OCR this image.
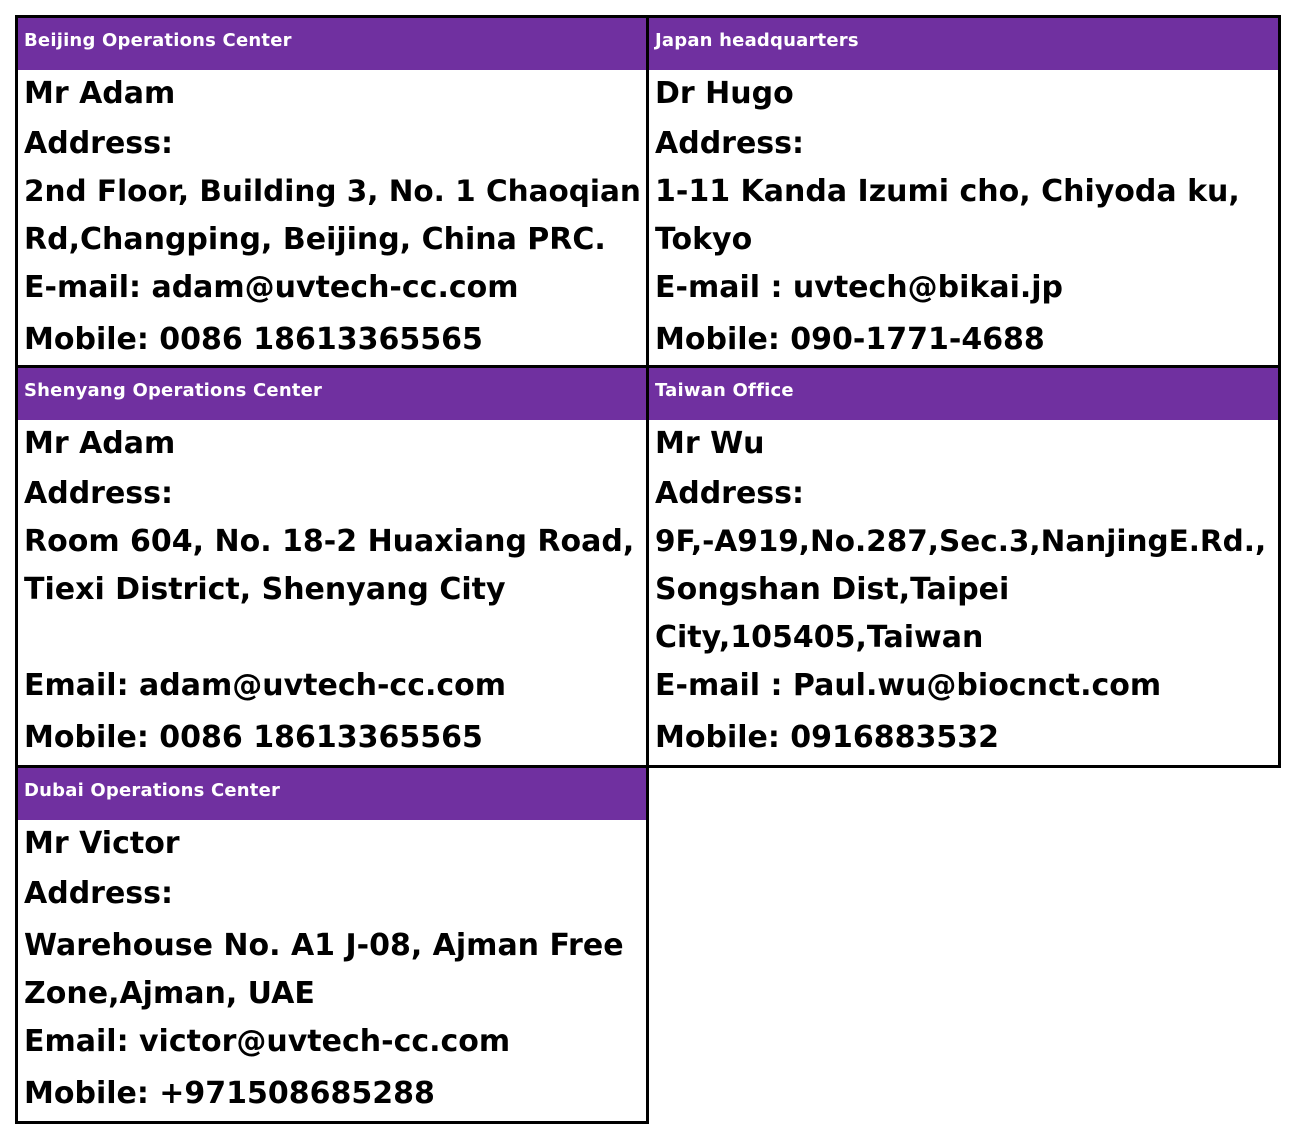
Beijing Operations Center
Mr Adam
Address:
2nd Floor, Building 3, No. 1 Chaoqian
Rd,Changping, Beijing, China PRC.
E-mail: adam@uvtech-cc.com
Mobile: 0086 18613365565
Japan headquarters
Dr Hugo
Address:
1-11 Kanda Izumi cho, Chiyoda ku,
Tokyo
E-mail : uvtech@bikai.jp
Mobile: 090-1771-4688
Shenyang Operations Center
Mr Adam
Address:
Room 604, No. 18-2 Huaxiang Road,
Tiexi District, Shenyang City
Email: adam@uvtech-cc.com
Mobile: 0086 18613365565
Taiwan Office
Mr Wu
Address:
9F,-A919,No.287,Sec.3,NanjingE.Rd.,
Songshan Dist,Taipei
City,105405,Taiwan
E-mail : Paul.wu@biocnct.com
Mobile: 0916883532
Dubai Operations Center
Mr Victor
Address:
Warehouse No. A1 J-08, Ajman Free
Zone,Ajman, UAE
Email: victor@uvtech-cc.com
Mobile: +971508685288
